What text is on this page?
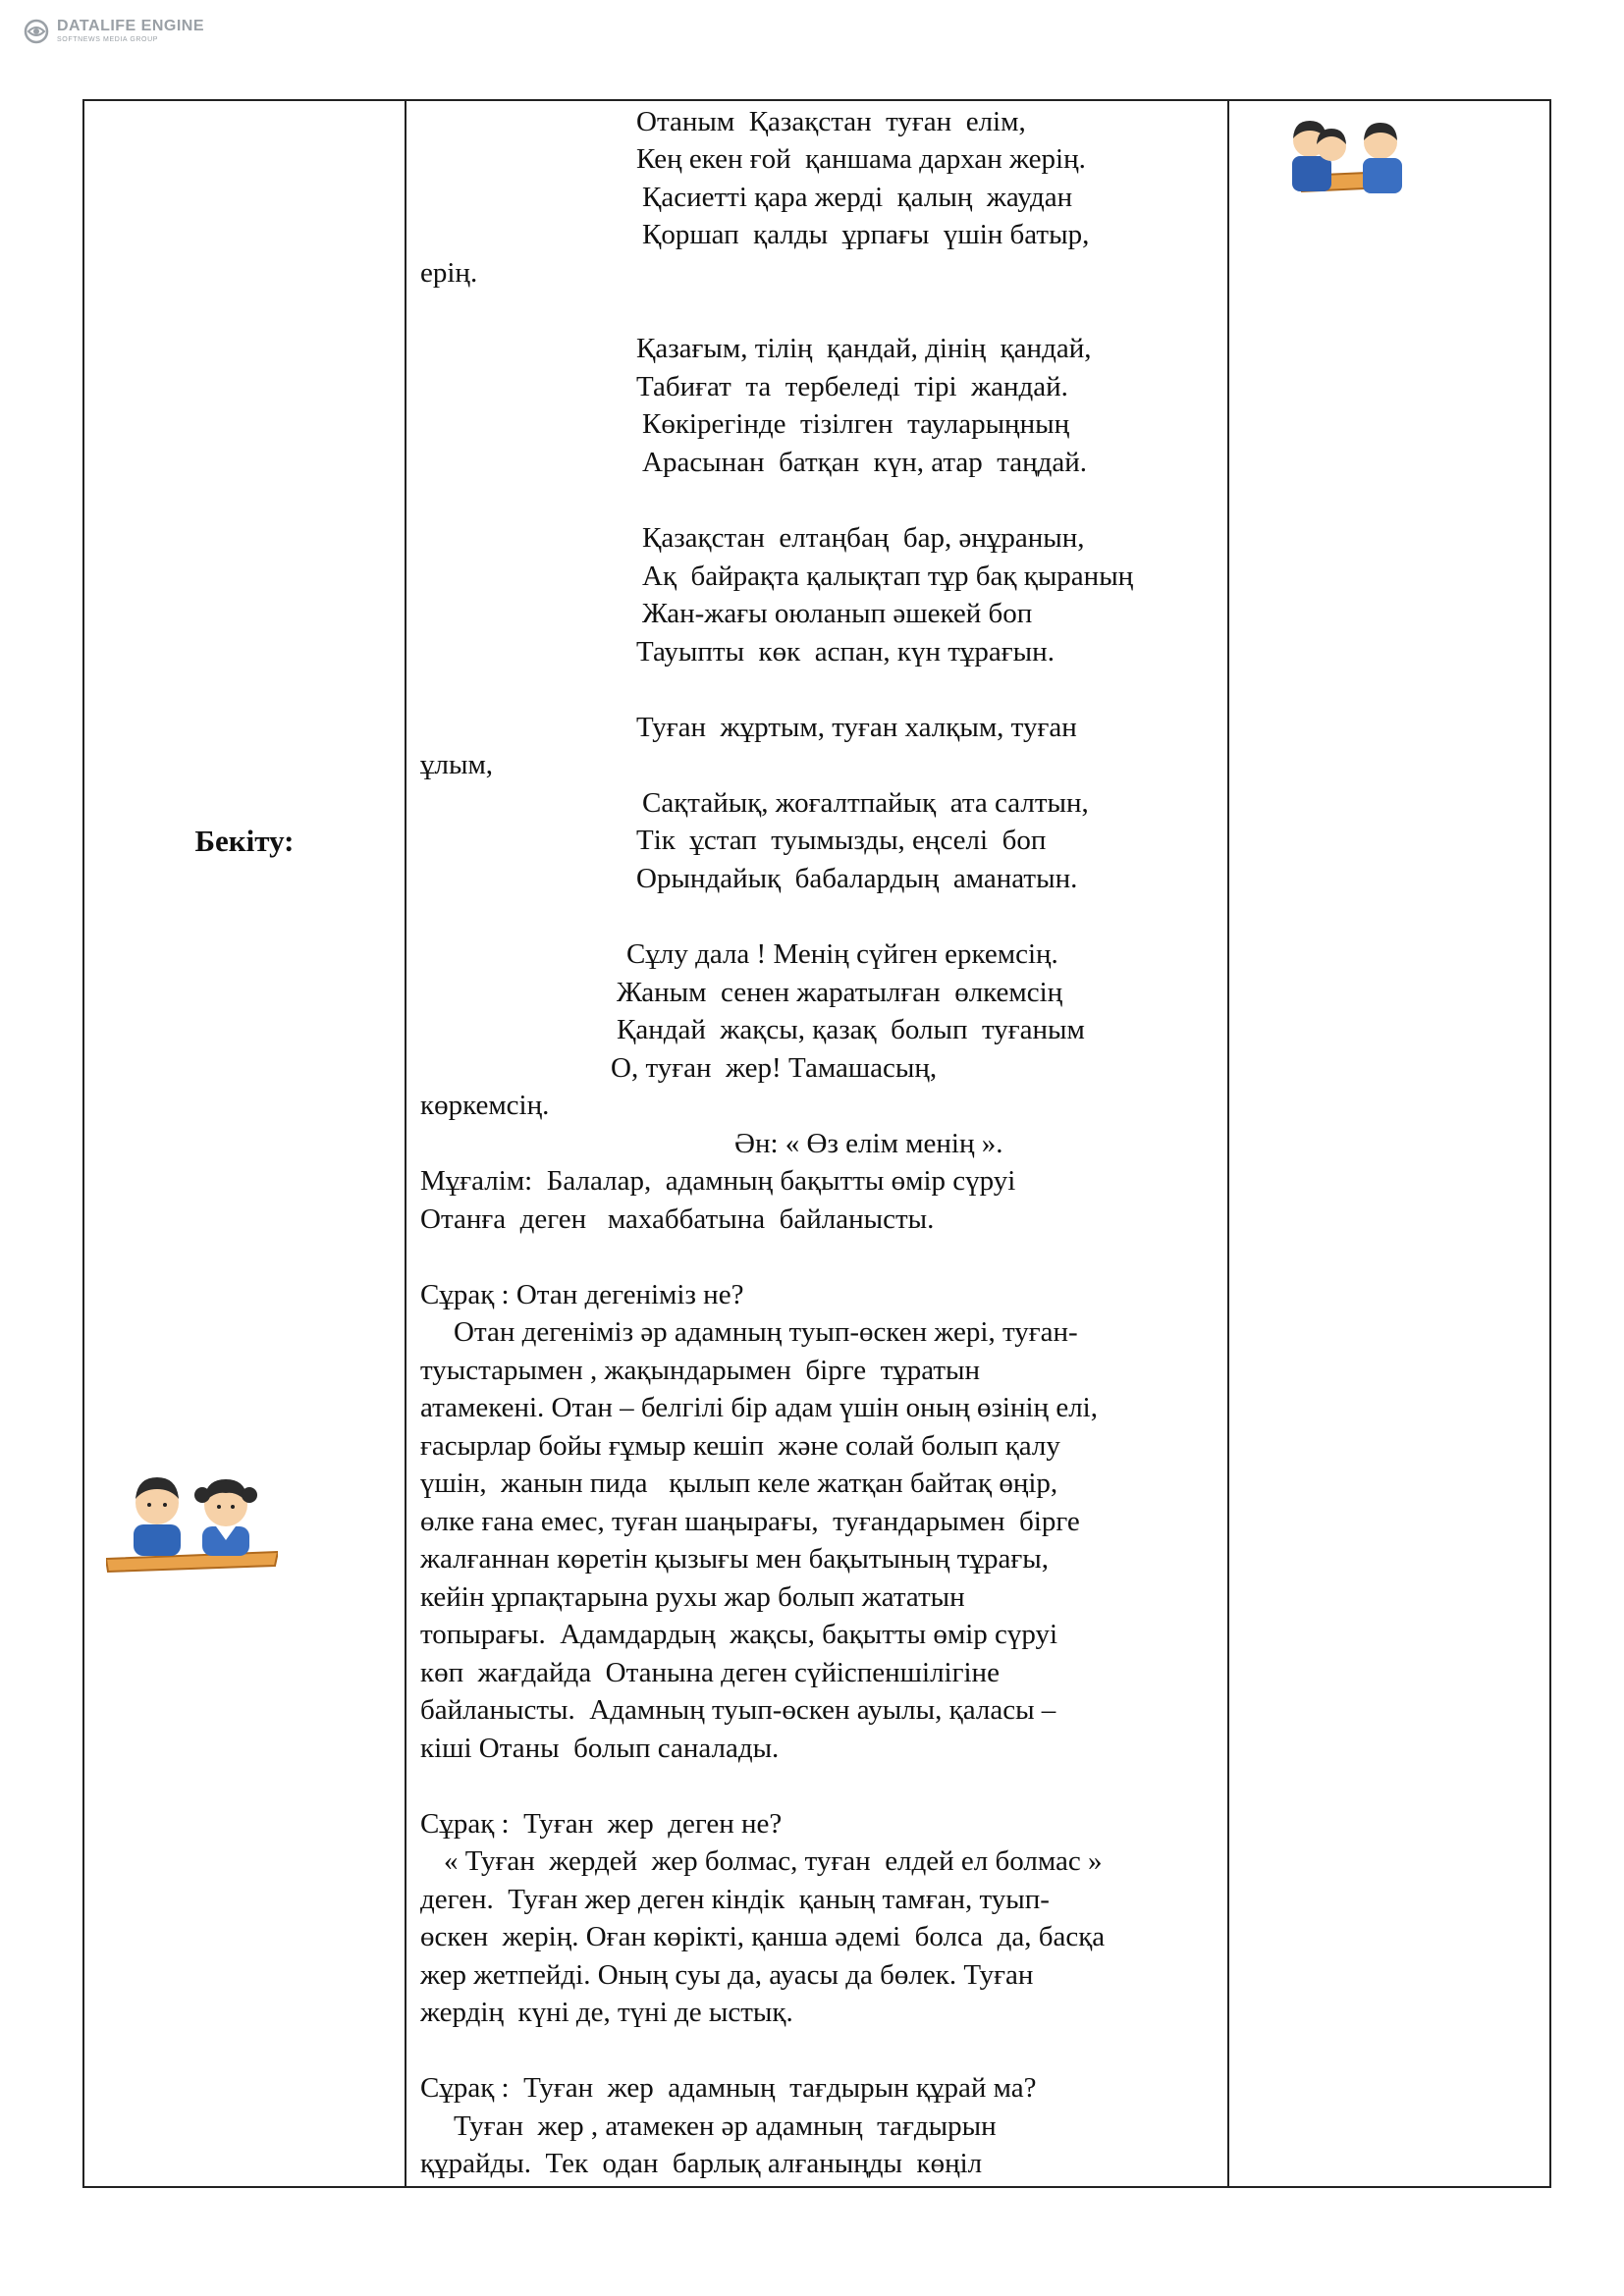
DATALIFE ENGINE
SOFTNEWS MEDIA GROUP
Бекіту:
Отаным  Қазақстан  туған  елім,
Кең екен ғой  қаншама дархан жерің.
Қасиетті қара жерді  қалың  жаудан
Қоршап  қалды  ұрпағы  үшін батыр,
ерің.
Қазағым, тілің  қандай, дінің  қандай,
Табиғат  та  тербеледі  тірі  жандай.
Көкірегінде  тізілген  тауларыңның
Арасынан  батқан  күн, атар  таңдай.
Қазақстан  елтаңбаң  бар, әнұранын,
Ақ  байрақта қалықтап тұр бақ қыраның
Жан-жағы оюланып әшекей боп
Тауыпты  көк  аспан, күн тұрағын.
Туған  жұртым, туған халқым, туған
ұлым,
Сақтайық, жоғалтпайық  ата салтын,
Тік  ұстап  туымызды, еңселі  боп
Орындайық  бабалардың  аманатын.
Сұлу дала ! Менің сүйген еркемсің.
Жаным  сенен жаратылған  өлкемсің
Қандай  жақсы, қазақ  болып  туғаным
О, туған  жер! Тамашасың,
көркемсің.
Ән: « Өз елім менің ».
Мұғалім:  Балалар,  адамның бақытты өмір сүруі
Отанға  деген   махаббатына  байланысты.
Сұрақ : Отан дегеніміз не?
Отан дегеніміз әр адамның туып-өскен жері, туған-
туыстарымен , жақындарымен  бірге  тұратын
атамекені. Отан – белгілі бір адам үшін оның өзінің елі,
ғасырлар бойы ғұмыр кешіп  және солай болып қалу
үшін,  жанын пида   қылып келе жатқан байтақ өңір,
өлке ғана емес, туған шаңырағы,  туғандарымен  бірге
жалғаннан көретін қызығы мен бақытының тұрағы,
кейін ұрпақтарына рухы жар болып жататын
топырағы.  Адамдардың  жақсы, бақытты өмір сүруі
көп  жағдайда  Отанына деген сүйіспеншілігіне
байланысты.  Адамның туып-өскен ауылы, қаласы –
кіші Отаны  болып саналады.
Сұрақ :  Туған  жер  деген не?
« Туған  жердей  жер болмас, туған  елдей ел болмас »
деген.  Туған жер деген кіндік  қаның тамған, туып-
өскен  жерің. Оған көрікті, қанша әдемі  болса  да, басқа
жер жетпейді. Оның суы да, ауасы да бөлек. Туған
жердің  күні де, түні де ыстық.
Сұрақ :  Туған  жер  адамның  тағдырын құрай ма?
Туған  жер , атамекен әр адамның  тағдырын
құрайды.  Тек  одан  барлық алғаныңды  көңіл
